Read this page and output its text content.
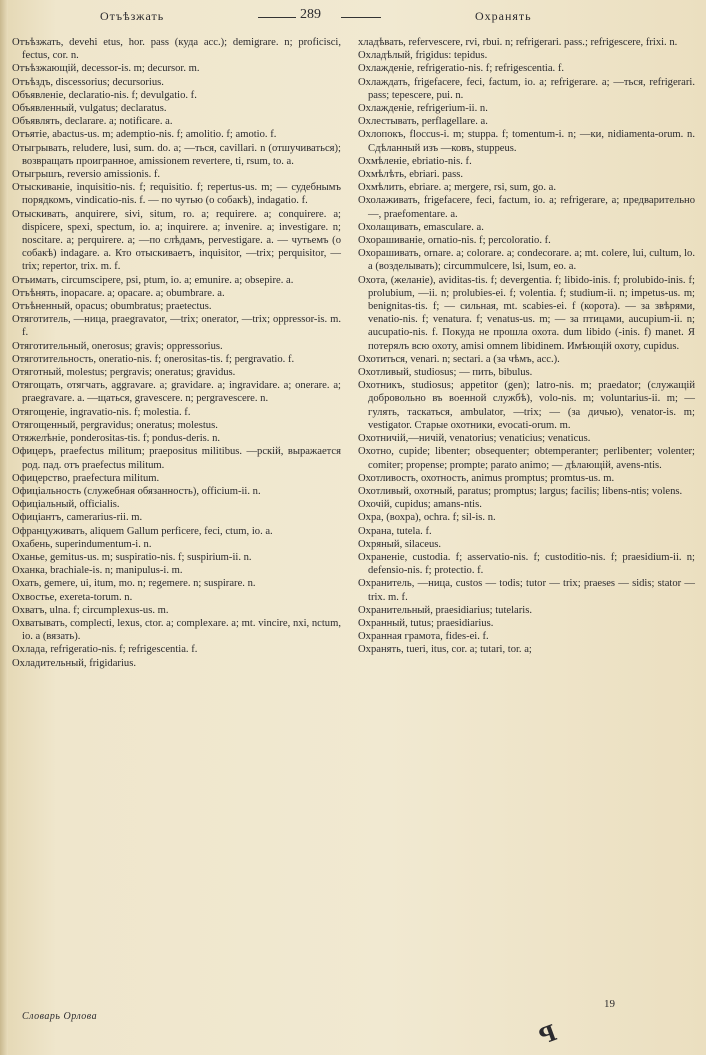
Отъѣзжать	289	Охранять

Отъѣзжать, devehi etus, hor. pass (куда acc.); demigrare. n; proficisci, fectus, cor. n.

Отъѣзжающій, decessor-is. m; decursor. m.

Отъѣздъ, discessorius; decursorius.

Объявленіе, declaratio-nis. f; devulgatio. f.

Объявленный, vulgatus; declaratus.

Объявлять, declarare. a; notificare. a.

Отъятіе, abactus-us. m; ademptio-nis. f; amolitio. f; amotio. f.

Отыгрывать, reludere, lusi, sum. do. a; —ться, cavillari. n (отшучиваться); возвращать проигранное, amissionem revertere, ti, rsum, to. a.

Отыгрышъ, reversio amissionis. f.

Отыскиваніе, inquisitio-nis. f; requisitio. f; repertus-us. m; — судебнымъ порядкомъ, vindicatio-nis. f. — по чутью (о собакѣ), indagatio. f.

Отыскивать, anquirere, sivi, situm, ro. a; requirere. a; conquirere. a; dispicere, spexi, spectum, io. a; inquirere. a; invenire. a; investigare. n; noscitare. a; perquirere. a; —по слѣдамъ, pervestigare. a. — чутьемъ (о собакѣ) indagare. a. Кто отыскиваетъ, inquisitor, —trix; perquisitor, —trix; repertor, trix. m. f.

Отъимать, circumscipere, psi, ptum, io. a; emunire. a; obsepire. a.

Отъѣнять, inopacare. a; opacare. a; obumbrare. a.

Отъѣненный, opacus; obumbratus; praetectus.

Отяготитель, —ница, praegravator, —trix; onerator, —trix; oppressor-is. m. f.

Отяготительный, onerosus; gravis; oppressorius.

Отяготительность, oneratio-nis. f; onerositas-tis. f; pergravatio. f.

Отяготный, molestus; pergravis; oneratus; gravidus.

Отягощать, отягчать, aggravare. a; gravidare. a; ingravidare. a; onerare. a; praegravare. a. —щаться, gravescere. n; pergravescere. n.

Отягощеніе, ingravatio-nis. f; molestia. f.

Отягощенный, pergravidus; oneratus; molestus.

Отяжелѣніе, ponderositas-tis. f; pondus-deris. n.

Офицеръ, praefectus militum; praepositus militibus. —рскій, выражается род. пад. отъ praefectus militum.

Офицерство, praefectura militum.

Офиціальность (служебная обязанность), officium-ii. n.

Офиціальный, officialis.

Офиціантъ, camerarius-rii. m.

Офранцуживать, aliquem Gallum perficere, feci, ctum, io. a.

Охабень, superindumentum-i. n.

Оханье, gemitus-us. m; suspiratio-nis. f; suspirium-ii. n.

Оханка, brachiale-is. n; manipulus-i. m.

Охать, gemere, ui, itum, mo. n; regemere. n; suspirare. n.

Охвостье, exereta-torum. n.

Охватъ, ulna. f; circumplexus-us. m.

Охватывать, complecti, lexus, ctor. a; complexare. a; mt. vincire, nxi, nctum, io. a (вязать).

Охлада, refrigeratio-nis. f; refrigescentia. f.

Охладительный, frigidarius.

хладѣвать, refervescere, rvi, rbui. n; refrigerari. pass.; refrigescere, frixi. n.

Охладѣлый, frigidus: tepidus.

Охлажденіе, refrigeratio-nis. f; refrigescentia. f.

Охлаждать, frigefacere, feci, factum, io. a; refrigerare. a; —ться, refrigerari. pass; tepescere, pui. n.

Охлажденіе, refrigerium-ii. n.

Охлестывать, perflagellare. a.

Охлопокъ, floccus-i. m; stuppa. f; tomentum-i. n; —ки, nidiamenta-orum. n. Сдѣланный изъ —ковъ, stuppeus.

Охмѣленіе, ebriatio-nis. f.

Охмѣлѣть, ebriari. pass.

Охмѣлить, ebriare. a; mergere, rsi, sum, go. a.

Охолаживать, frigefacere, feci, factum, io. a; refrigerare, a; предварительно —, praefomentare. a.

Охолащивать, emasculare. a.

Охорашиваніе, ornatio-nis. f; percoloratio. f.

Охорашивать, ornare. a; colorare. a; condecorare. a; mt. colere, lui, cultum, lo. a (возделывать); circummulcere, lsi, lsum, eo. a.

Охота, (желаніе), aviditas-tis. f; devergentia. f; libido-inis. f; prolubido-inis. f; prolubium, —ii. n; prolubies-ei. f; volentia. f; studium-ii. n; impetus-us. m; benignitas-tis. f; — сильная, mt. scabies-ei. f (корота). — за звѣрями, venatio-nis. f; venatura. f; venatus-us. m; — за птицами, aucupium-ii. n; aucupatio-nis. f. Покуда не прошла охота. dum libido (-inis. f) manet. Я потерялъ всю охоту, amisi omnem libidinem. Имѣющій охоту, cupidus.

Охотиться, venari. n; sectari. a (за чѣмъ, acc.).

Охотливый, studiosus; — пить, bibulus.

Охотникъ, studiosus; appetitor (gen); latro-nis. m; praedator; (служащій добровольно въ военной службѣ), volo-nis. m; voluntarius-ii. m; —гулять, таскаться, ambulator, —trix; — (за дичью), venator-is. m; vestigator. Старые охотники, evocati-orum. m.

Охотничій,—ничій, venatorius; venaticius; venaticus.

Охотно, cupide; libenter; obsequenter; obtemperanter; perlibenter; volenter; comiter; propense; prompte; parato animo; — дѣлающій, avens-ntis.

Охотливость, охотность, animus promptus; promtus-us. m.

Охотливый, охотный, paratus; promptus; largus; facilis; libens-ntis; volens.

Охочій, cupidus; amans-ntis.

Охра, (вохра), ochra. f; sil-is. n.

Охрана, tutela. f.

Охряный, silaceus.

Охраненіе, custodia. f; asservatio-nis. f; custoditio-nis. f; praesidium-ii. n; defensio-nis. f; protectio. f.

Охранитель, —ница, custos — todis; tutor — trix; praeses — sidis; stator — trix. m. f.

Охранительный, praesidiarius; tutelaris.

Охранный, tutus; praesidiarius.

Охранная грамота, fides-ei. f.

Охранять, tueri, itus, cor. a; tutari, tor. a;

Словарь Орлова
19
ꟼ
